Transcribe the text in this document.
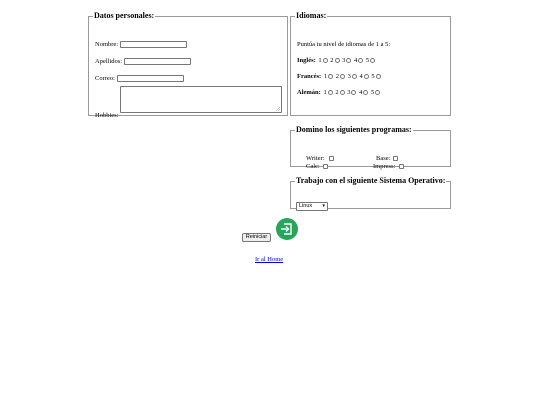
Datos personales:
Nombre:
Apellidos:
Correo:
Hobbies:
Idiomas:
Puntúa tu nivel de idiomas de 1 a 5:
Inglés: 1 2 3 4 5
Francés: 1 2 3 4 5
Alemán: 1 2 3 4 5
Domino los siguientes programas:
Writer:	Base:
Calc:	Impress:
Trabajo con el siguiente Sistema Operativo:
Linux ▾
Reiniciar
Ir al Home
